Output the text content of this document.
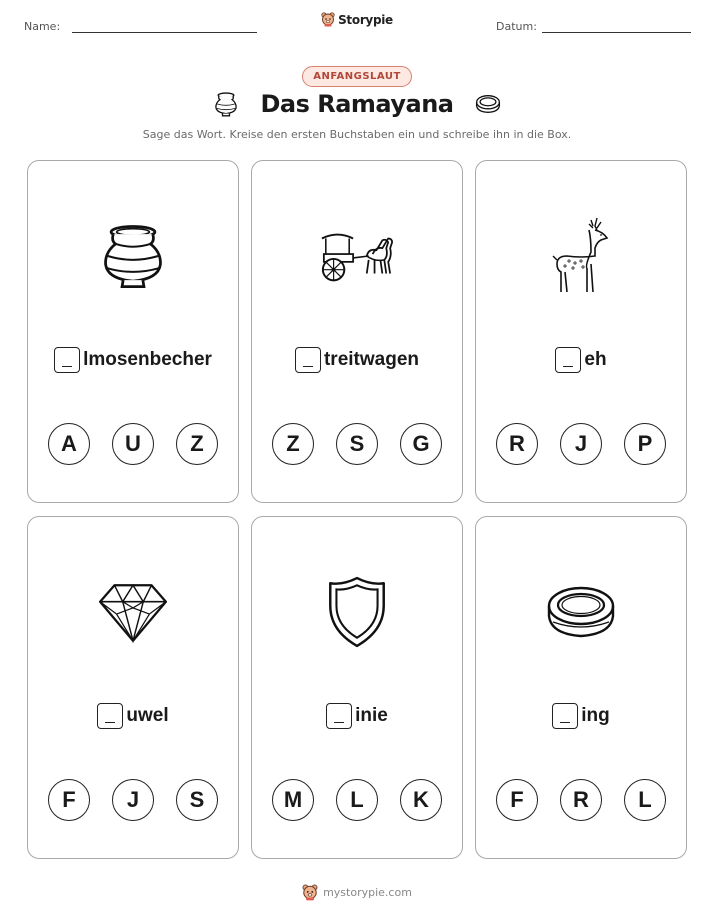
Name:	Storypie	Datum:
ANFANGSLAUT
Das Ramayana

Sage das Wort. Kreise den ersten Buchstaben ein und schreibe ihn in die Box.

lmosenbecher
A	U	Z
treitwagen
Z	S	G
eh
R	J	P
uwel
F	J	S
inie
M	L	K
ing
F	R	L
mystorypie.com
